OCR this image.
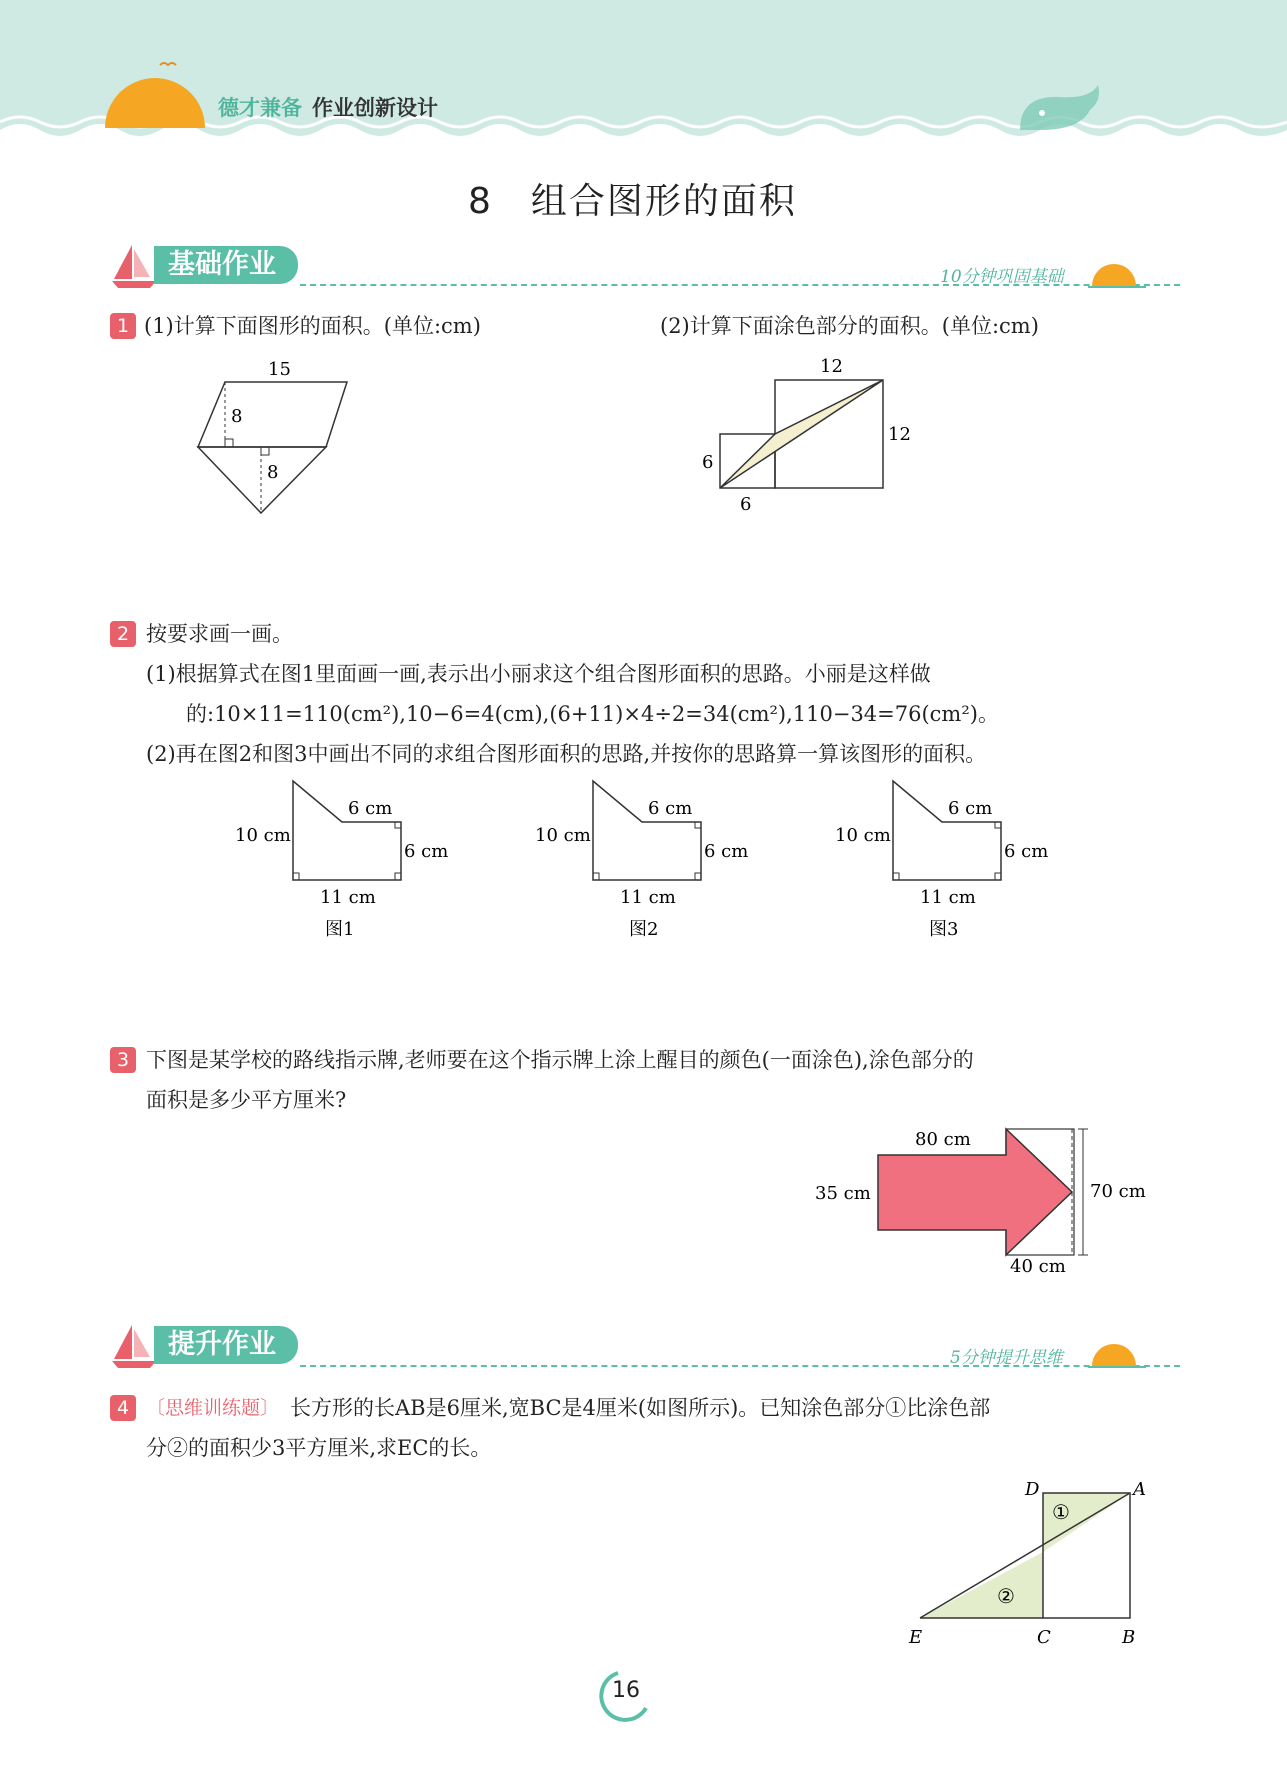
德才兼备 作业创新设计
8　组合图形的面积
基础作业	10分钟巩固基础
1 (1)计算下面图形的面积。(单位:cm)	(2)计算下面涂色部分的面积。(单位:cm)
15
8
8
12
12
6
6
2 按要求画一画。
(1)根据算式在图1里面画一画,表示出小丽求这个组合图形面积的思路。小丽是这样做
的:10×11=110(cm²),10−6=4(cm),(6+11)×4÷2=34(cm²),110−34=76(cm²)。
(2)再在图2和图3中画出不同的求组合图形面积的思路,并按你的思路算一算该图形的面积。
10 cm
6 cm
6 cm
11 cm
图1
10 cm
6 cm
6 cm
11 cm
图2
10 cm
6 cm
6 cm
11 cm
图3
3 下图是某学校的路线指示牌,老师要在这个指示牌上涂上醒目的颜色(一面涂色),涂色部分的
面积是多少平方厘米?
80 cm
35 cm	70 cm
40 cm
提升作业	5分钟提升思维
4 〔思维训练题〕 长方形的长AB是6厘米,宽BC是4厘米(如图所示)。已知涂色部分①比涂色部
分②的面积少3平方厘米,求EC的长。
D	A
E	C	B
①
②
16
